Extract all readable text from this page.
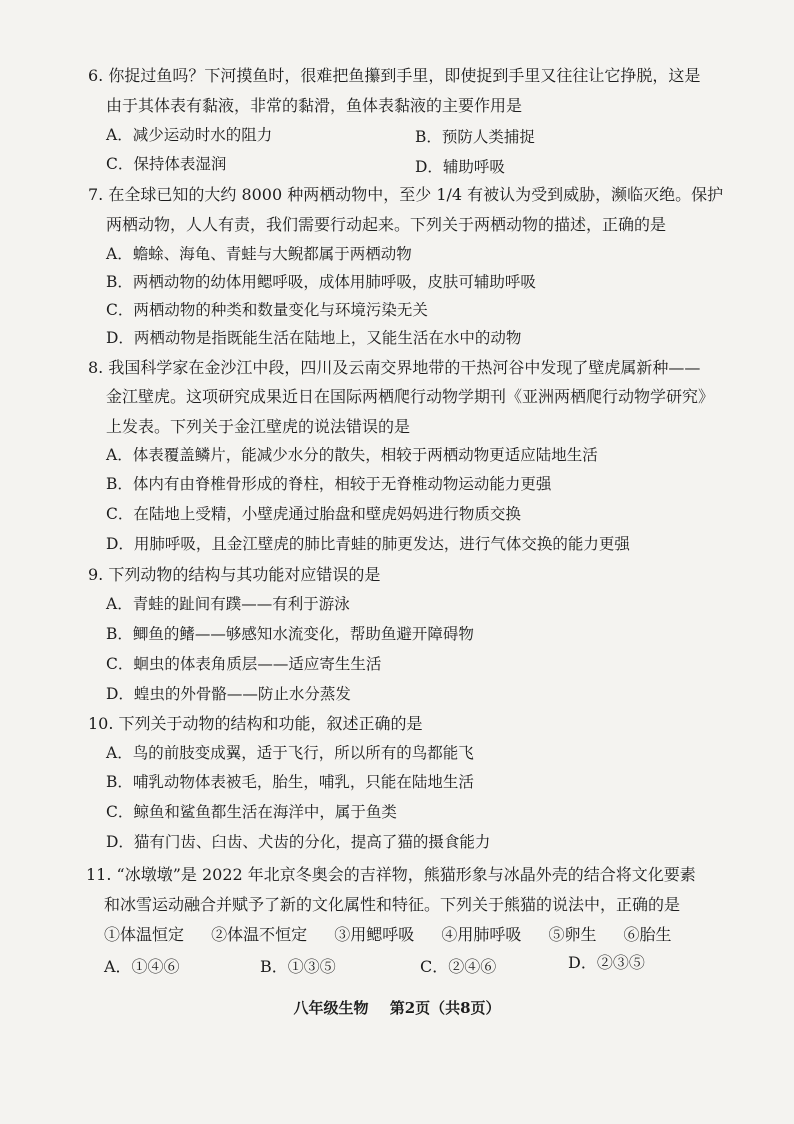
6. 你捉过鱼吗？下河摸鱼时，很难把鱼攥到手里，即使捉到手里又往往让它挣脱，这是
由于其体表有黏液，非常的黏滑，鱼体表黏液的主要作用是
A．减少运动时水的阻力	B．预防人类捕捉
C．保持体表湿润	D．辅助呼吸
7. 在全球已知的大约 8000 种两栖动物中，至少 1/4 有被认为受到威胁，濒临灭绝。保护
两栖动物，人人有责，我们需要行动起来。下列关于两栖动物的描述，正确的是
A．蟾蜍、海龟、青蛙与大鲵都属于两栖动物
B．两栖动物的幼体用鳃呼吸，成体用肺呼吸，皮肤可辅助呼吸
C．两栖动物的种类和数量变化与环境污染无关
D．两栖动物是指既能生活在陆地上，又能生活在水中的动物
8. 我国科学家在金沙江中段，四川及云南交界地带的干热河谷中发现了壁虎属新种——
金江壁虎。这项研究成果近日在国际两栖爬行动物学期刊《亚洲两栖爬行动物学研究》
上发表。下列关于金江壁虎的说法错误的是
A．体表覆盖鳞片，能减少水分的散失，相较于两栖动物更适应陆地生活
B．体内有由脊椎骨形成的脊柱，相较于无脊椎动物运动能力更强
C．在陆地上受精，小壁虎通过胎盘和壁虎妈妈进行物质交换
D．用肺呼吸，且金江壁虎的肺比青蛙的肺更发达，进行气体交换的能力更强
9. 下列动物的结构与其功能对应错误的是
A．青蛙的趾间有蹼——有利于游泳
B．鲫鱼的鳍——够感知水流变化，帮助鱼避开障碍物
C．蛔虫的体表角质层——适应寄生生活
D．蝗虫的外骨骼——防止水分蒸发
10. 下列关于动物的结构和功能，叙述正确的是
A．鸟的前肢变成翼，适于飞行，所以所有的鸟都能飞
B．哺乳动物体表被毛，胎生，哺乳，只能在陆地生活
C．鲸鱼和鲨鱼都生活在海洋中，属于鱼类
D．猫有门齿、臼齿、犬齿的分化，提高了猫的摄食能力
11. “冰墩墩”是 2022 年北京冬奥会的吉祥物，熊猫形象与冰晶外壳的结合将文化要素
和冰雪运动融合并赋予了新的文化属性和特征。下列关于熊猫的说法中，正确的是
①体温恒定 ②体温不恒定 ③用鳃呼吸 ④用肺呼吸 ⑤卵生 ⑥胎生
A．①④⑥	B．①③⑤	C．②④⑥	D．②③⑤
八年级生物 第2页（共8页）
